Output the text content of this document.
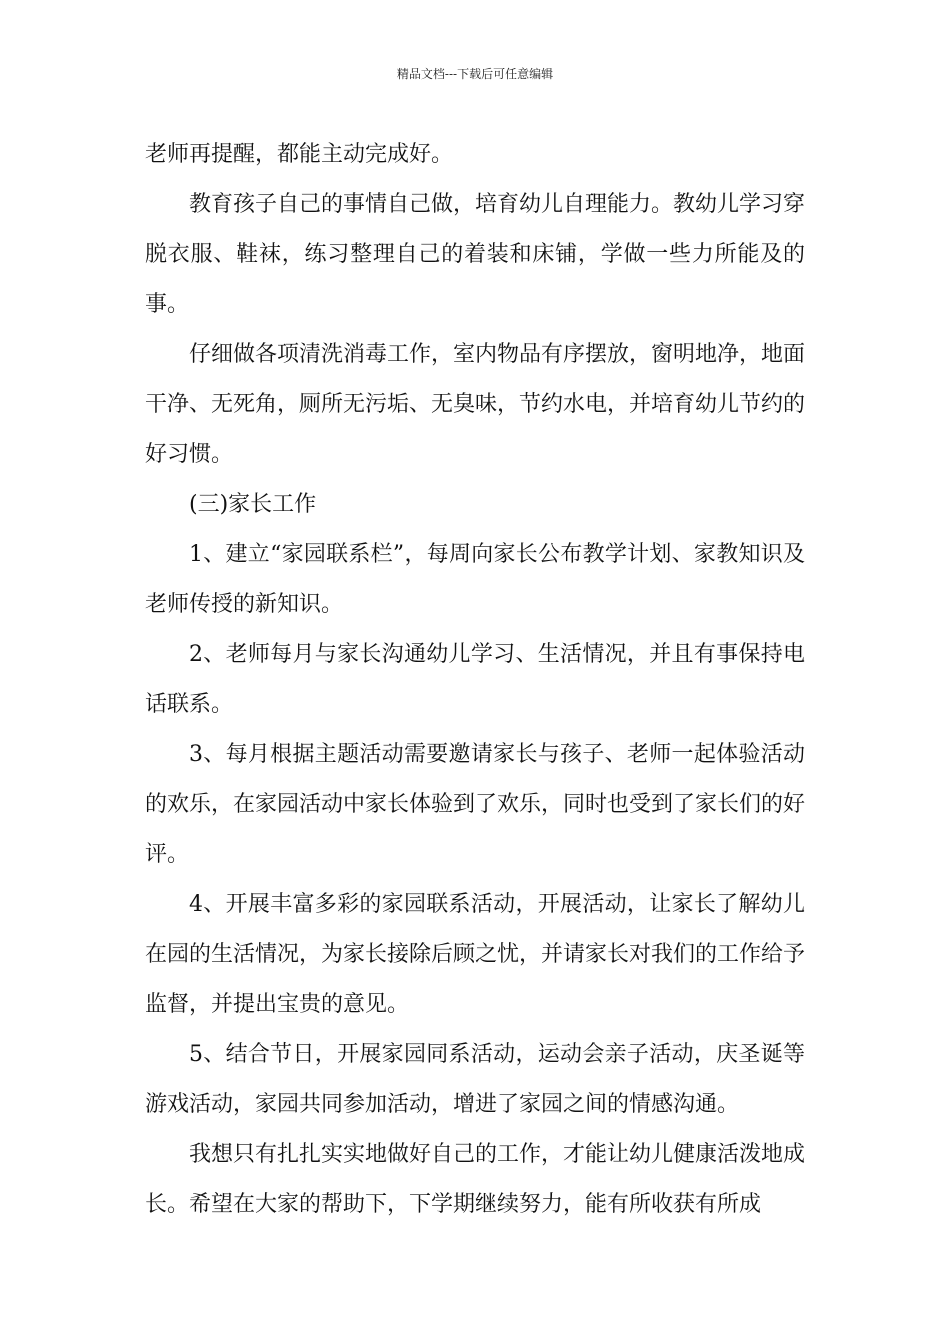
精品文档---下载后可任意编辑

老师再提醒，都能主动完成好。

教育孩子自己的事情自己做，培育幼儿自理能力。教幼儿学习穿脱衣服、鞋袜，练习整理自己的着装和床铺，学做一些力所能及的事。

仔细做各项清洗消毒工作，室内物品有序摆放，窗明地净，地面干净、无死角，厕所无污垢、无臭味，节约水电，并培育幼儿节约的好习惯。

(三)家长工作

1、建立“家园联系栏”，每周向家长公布教学计划、家教知识及老师传授的新知识。

2、老师每月与家长沟通幼儿学习、生活情况，并且有事保持电话联系。

3、每月根据主题活动需要邀请家长与孩子、老师一起体验活动的欢乐，在家园活动中家长体验到了欢乐，同时也受到了家长们的好评。

4、开展丰富多彩的家园联系活动，开展活动，让家长了解幼儿在园的生活情况，为家长接除后顾之忧，并请家长对我们的工作给予监督，并提出宝贵的意见。

5、结合节日，开展家园同系活动，运动会亲子活动，庆圣诞等游戏活动，家园共同参加活动，增进了家园之间的情感沟通。

我想只有扎扎实实地做好自己的工作，才能让幼儿健康活泼地成长。希望在大家的帮助下，下学期继续努力，能有所收获有所成
